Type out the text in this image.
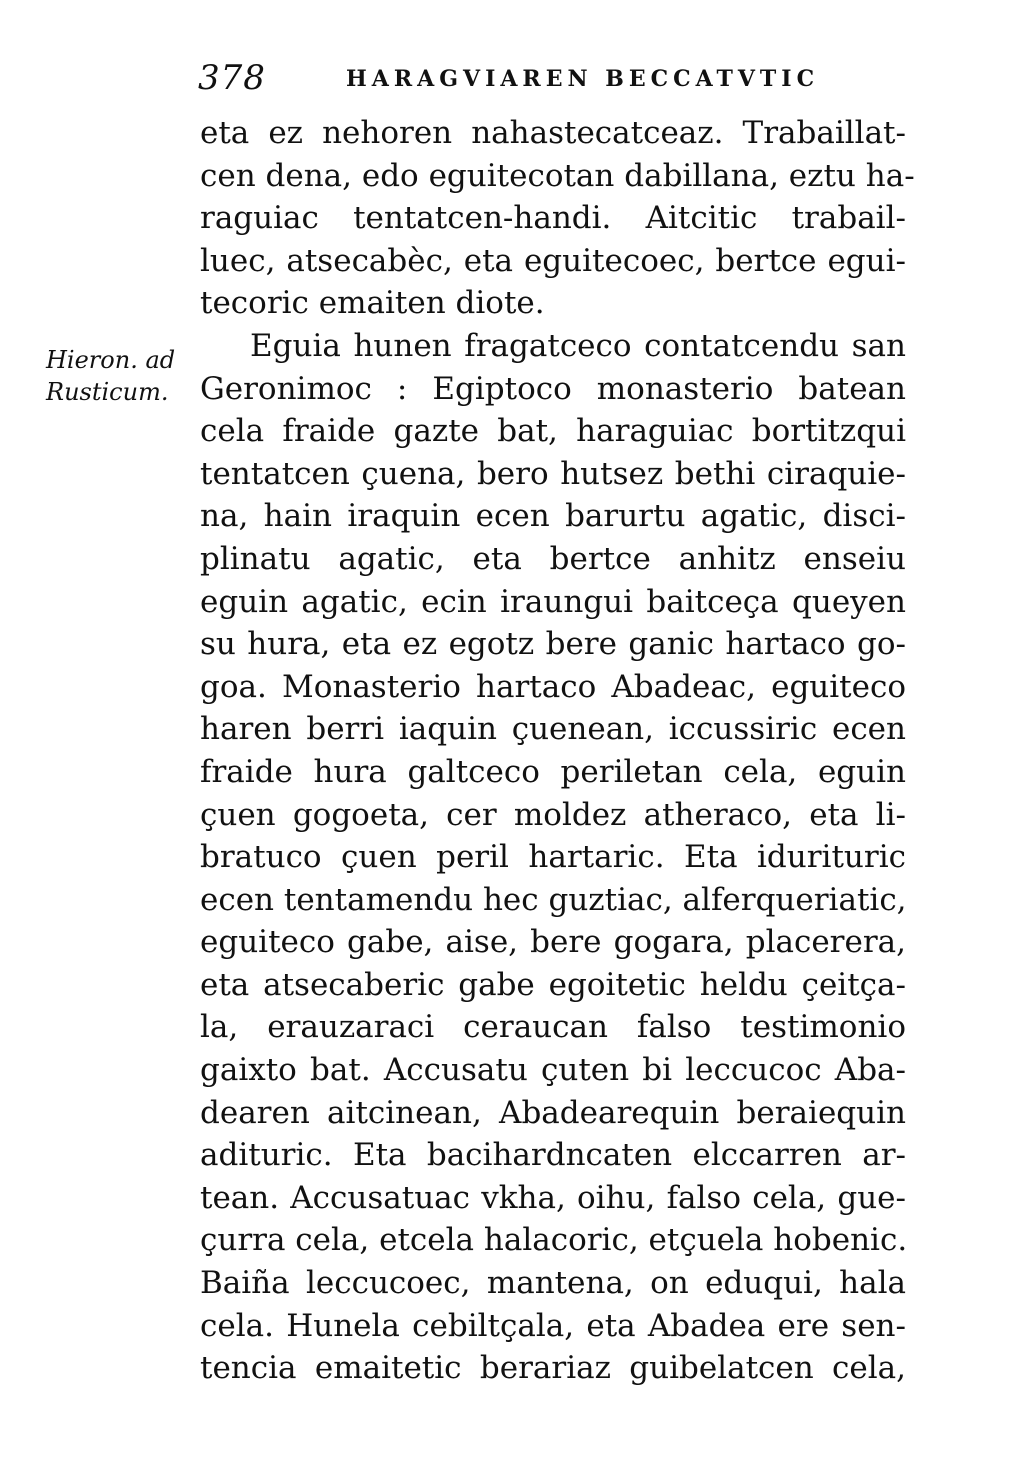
378	HARAGVIAREN BECCATVTIC
Hieron. ad
Rusticum.
eta ez nehoren nahastecatceaz. Trabaillat-
cen dena, edo eguitecotan dabillana, eztu ha-
raguiac tentatcen-handi. Aitcitic trabail-
luec, atsecabèc, eta eguitecoec, bertce egui-
tecoric emaiten diote.
Eguia hunen fragatceco contatcendu san
Geronimoc : Egiptoco monasterio batean
cela fraide gazte bat, haraguiac bortitzqui
tentatcen çuena, bero hutsez bethi ciraquie-
na, hain iraquin ecen barurtu agatic, disci-
plinatu agatic, eta bertce anhitz enseiu
eguin agatic, ecin iraungui baitceça queyen
su hura, eta ez egotz bere ganic hartaco go-
goa. Monasterio hartaco Abadeac, eguiteco
haren berri iaquin çuenean, iccussiric ecen
fraide hura galtceco periletan cela, eguin
çuen gogoeta, cer moldez atheraco, eta li-
bratuco çuen peril hartaric. Eta idurituric
ecen tentamendu hec guztiac, alferqueriatic,
eguiteco gabe, aise, bere gogara, placerera,
eta atsecaberic gabe egoitetic heldu çeitça-
la, erauzaraci ceraucan falso testimonio
gaixto bat. Accusatu çuten bi leccucoc Aba-
dearen aitcinean, Abadearequin beraiequin
adituric. Eta bacihardncaten elccarren ar-
tean. Accusatuac vkha, oihu, falso cela, gue-
çurra cela, etcela halacoric, etçuela hobenic.
Baiña leccucoec, mantena, on eduqui, hala
cela. Hunela cebiltçala, eta Abadea ere sen-
tencia emaitetic berariaz guibelatcen cela,
